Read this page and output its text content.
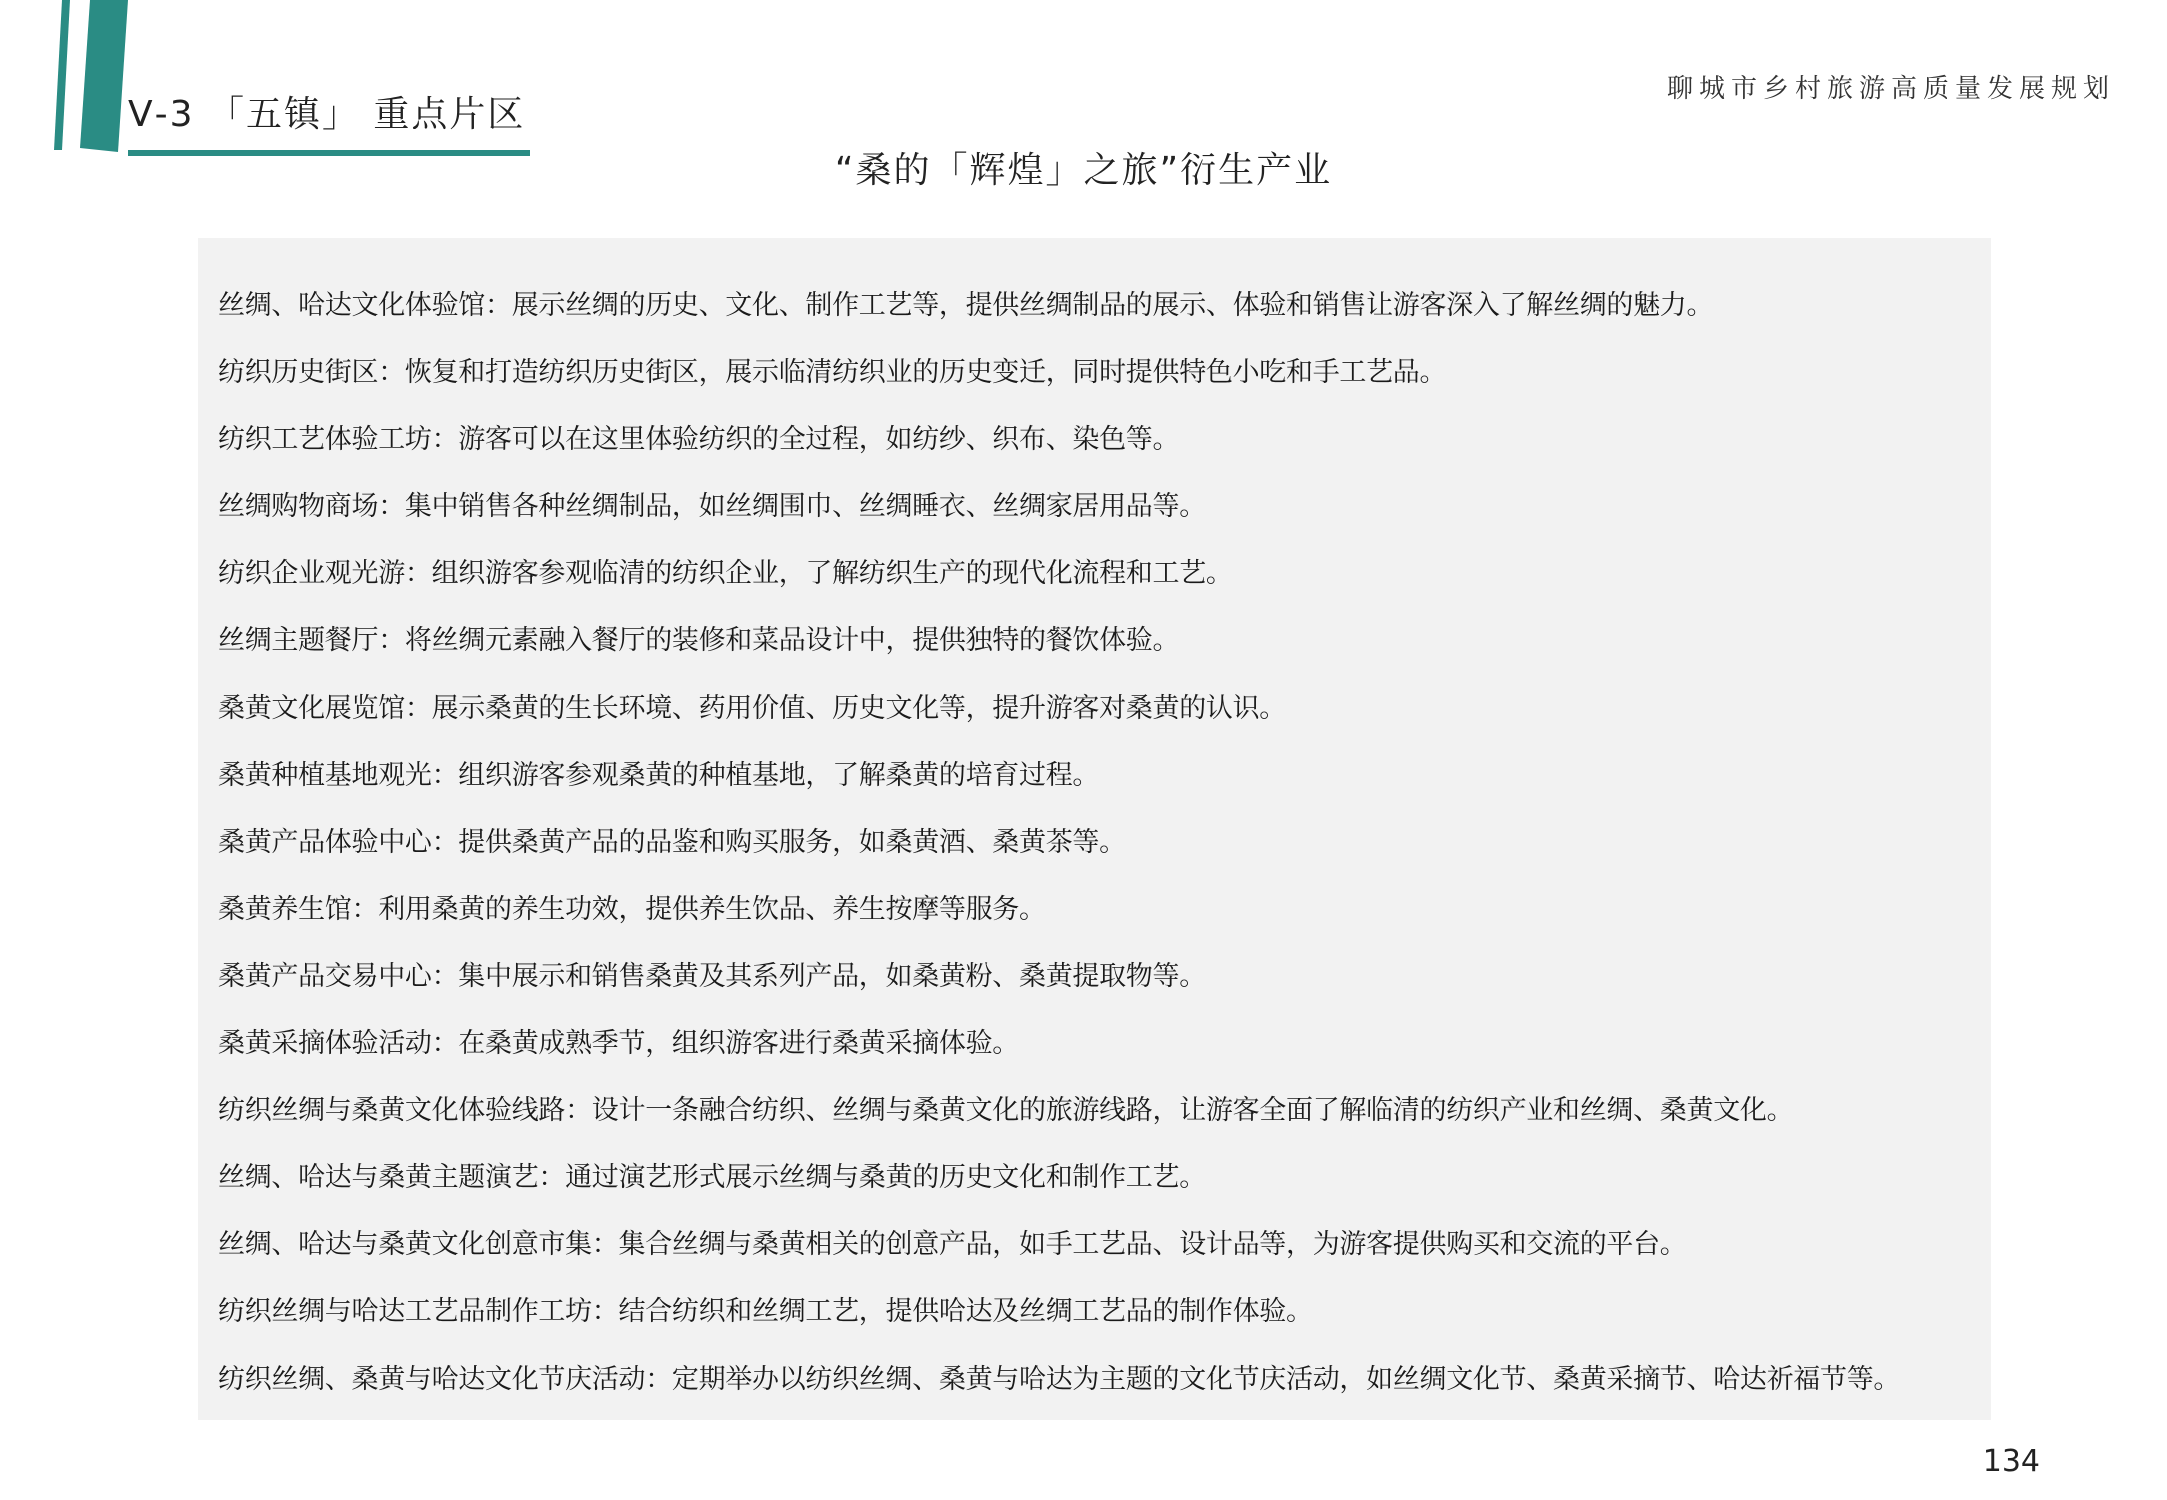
Ⅴ-3 「五镇」 重点片区
聊城市乡村旅游高质量发展规划
“桑的「辉煌」之旅”衍生产业
丝绸、哈达文化体验馆：展示丝绸的历史、文化、制作工艺等，提供丝绸制品的展示、体验和销售让游客深入了解丝绸的魅力。
纺织历史街区：恢复和打造纺织历史街区，展示临清纺织业的历史变迁，同时提供特色小吃和手工艺品。
纺织工艺体验工坊：游客可以在这里体验纺织的全过程，如纺纱、织布、染色等。
丝绸购物商场：集中销售各种丝绸制品，如丝绸围巾、丝绸睡衣、丝绸家居用品等。
纺织企业观光游：组织游客参观临清的纺织企业，了解纺织生产的现代化流程和工艺。
丝绸主题餐厅：将丝绸元素融入餐厅的装修和菜品设计中，提供独特的餐饮体验。
桑黄文化展览馆：展示桑黄的生长环境、药用价值、历史文化等，提升游客对桑黄的认识。
桑黄种植基地观光：组织游客参观桑黄的种植基地，了解桑黄的培育过程。
桑黄产品体验中心：提供桑黄产品的品鉴和购买服务，如桑黄酒、桑黄茶等。
桑黄养生馆：利用桑黄的养生功效，提供养生饮品、养生按摩等服务。
桑黄产品交易中心：集中展示和销售桑黄及其系列产品，如桑黄粉、桑黄提取物等。
桑黄采摘体验活动：在桑黄成熟季节，组织游客进行桑黄采摘体验。
纺织丝绸与桑黄文化体验线路：设计一条融合纺织、丝绸与桑黄文化的旅游线路，让游客全面了解临清的纺织产业和丝绸、桑黄文化。
丝绸、哈达与桑黄主题演艺：通过演艺形式展示丝绸与桑黄的历史文化和制作工艺。
丝绸、哈达与桑黄文化创意市集：集合丝绸与桑黄相关的创意产品，如手工艺品、设计品等，为游客提供购买和交流的平台。
纺织丝绸与哈达工艺品制作工坊：结合纺织和丝绸工艺，提供哈达及丝绸工艺品的制作体验。
纺织丝绸、桑黄与哈达文化节庆活动：定期举办以纺织丝绸、桑黄与哈达为主题的文化节庆活动，如丝绸文化节、桑黄采摘节、哈达祈福节等。
134
